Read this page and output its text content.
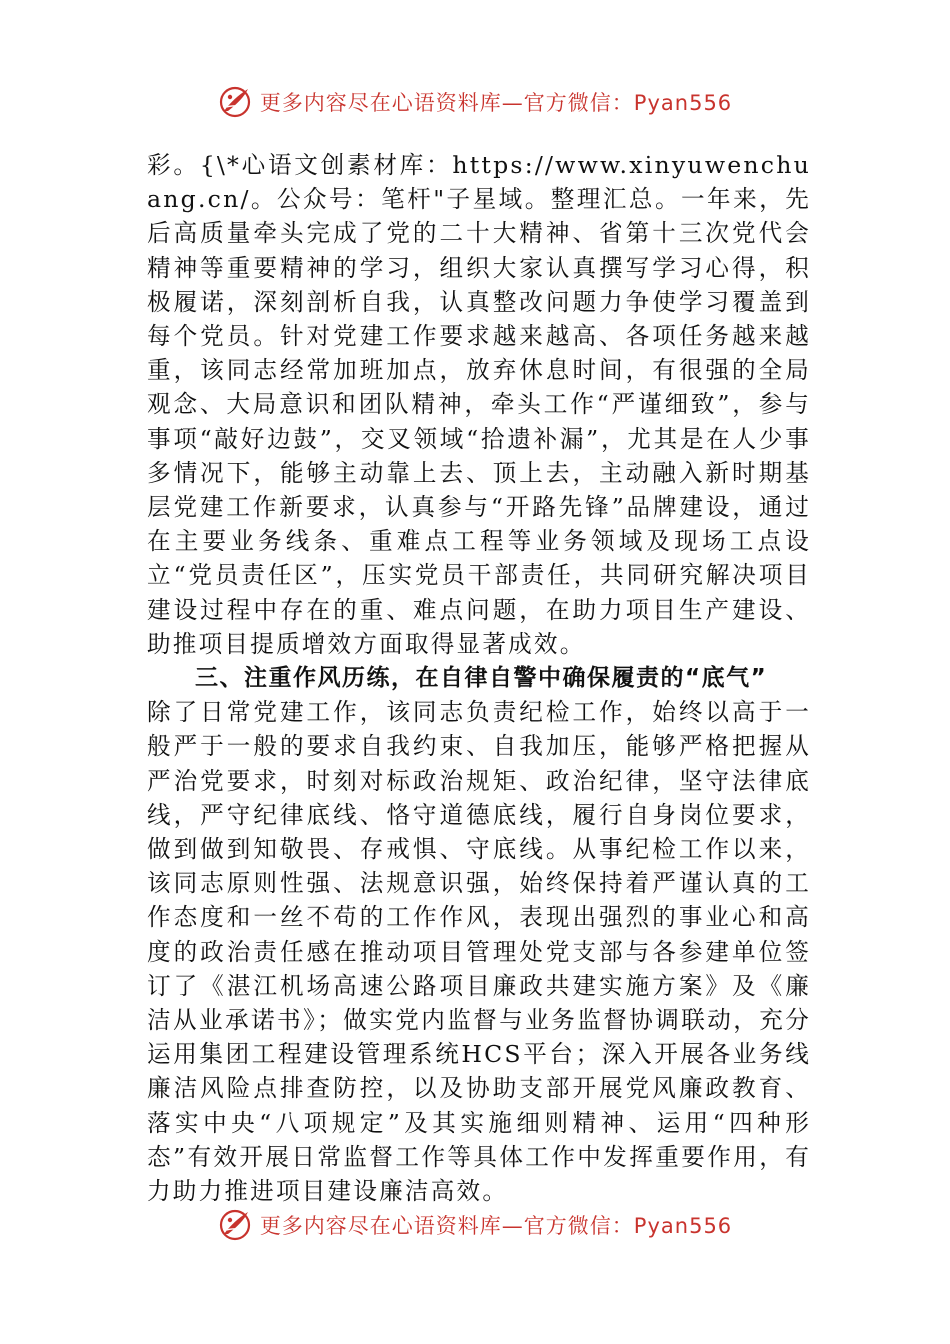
更多内容尽在心语资料库—官方微信：Pyan556

彩。{\*心语文创素材库：https://www.xinyuwenchuang.cn/。公众号：笔杆"子星域。整理汇总。一年来，先后高质量牵头完成了党的二十大精神、省第十三次党代会精神等重要精神的学习，组织大家认真撰写学习心得，积极履诺，深刻剖析自我，认真整改问题力争使学习覆盖到每个党员。针对党建工作要求越来越高、各项任务越来越重，该同志经常加班加点，放弃休息时间，有很强的全局观念、大局意识和团队精神，牵头工作“严谨细致”，参与事项“敲好边鼓”，交叉领域“拾遗补漏”，尤其是在人少事多情况下，能够主动靠上去、顶上去，主动融入新时期基层党建工作新要求，认真参与“开路先锋”品牌建设，通过在主要业务线条、重难点工程等业务领域及现场工点设立“党员责任区”，压实党员干部责任，共同研究解决项目建设过程中存在的重、难点问题，在助力项目生产建设、助推项目提质增效方面取得显著成效。

三、注重作风历练，在自律自警中确保履责的“底气”

除了日常党建工作，该同志负责纪检工作，始终以高于一般严于一般的要求自我约束、自我加压，能够严格把握从严治党要求，时刻对标政治规矩、政治纪律，坚守法律底线，严守纪律底线、恪守道德底线，履行自身岗位要求，做到做到知敬畏、存戒惧、守底线。从事纪检工作以来，该同志原则性强、法规意识强，始终保持着严谨认真的工作态度和一丝不苟的工作作风，表现出强烈的事业心和高度的政治责任感在推动项目管理处党支部与各参建单位签订了《湛江机场高速公路项目廉政共建实施方案》及《廉洁从业承诺书》；做实党内监督与业务监督协调联动，充分运用集团工程建设管理系统HCS平台；深入开展各业务线廉洁风险点排查防控，以及协助支部开展党风廉政教育、落实中央“八项规定”及其实施细则精神、运用“四种形态”有效开展日常监督工作等具体工作中发挥重要作用，有力助力推进项目建设廉洁高效。

更多内容尽在心语资料库—官方微信：Pyan556
